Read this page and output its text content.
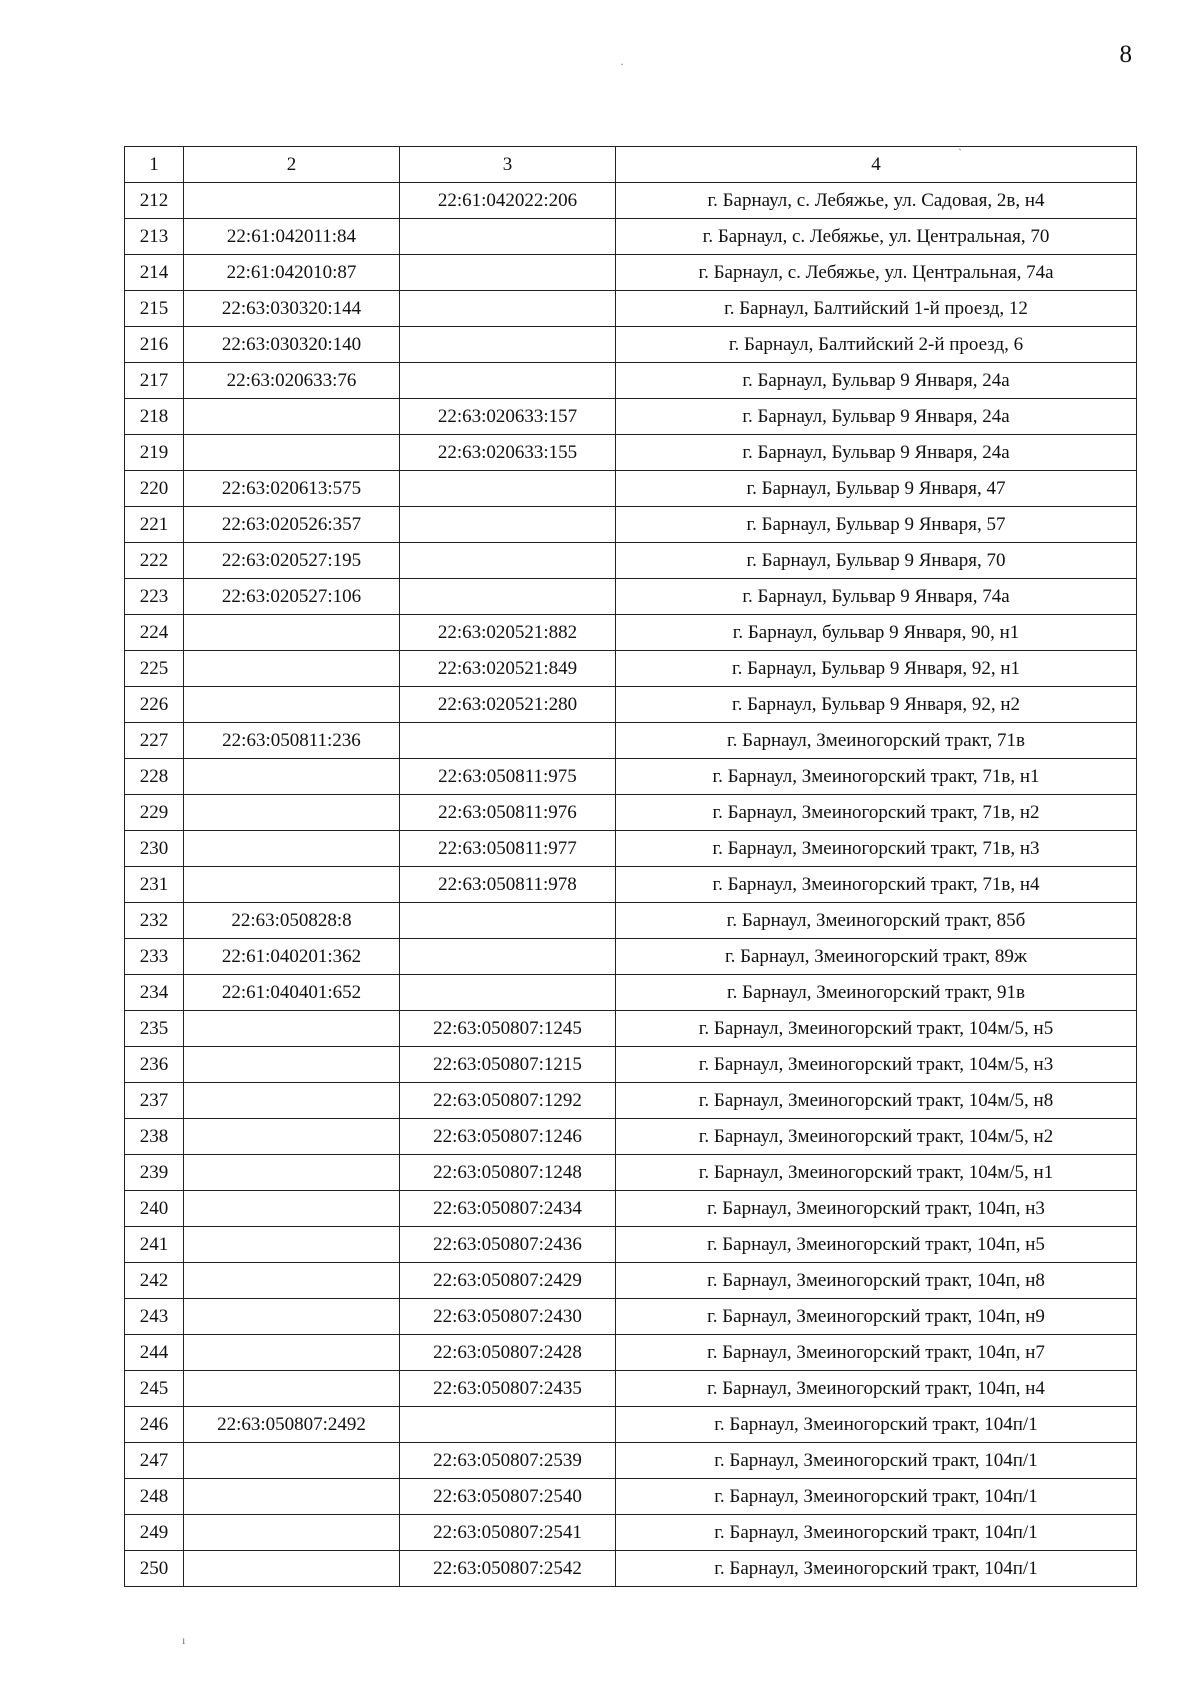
8
·
ˏ
ı
1	2	3	4
212		22:61:042022:206	г. Барнаул, с. Лебяжье, ул. Садовая, 2в, н4
213	22:61:042011:84		г. Барнаул, с. Лебяжье, ул. Центральная, 70
214	22:61:042010:87		г. Барнаул, с. Лебяжье, ул. Центральная, 74а
215	22:63:030320:144		г. Барнаул, Балтийский 1-й проезд, 12
216	22:63:030320:140		г. Барнаул, Балтийский 2-й проезд, 6
217	22:63:020633:76		г. Барнаул, Бульвар 9 Января, 24а
218		22:63:020633:157	г. Барнаул, Бульвар 9 Января, 24а
219		22:63:020633:155	г. Барнаул, Бульвар 9 Января, 24а
220	22:63:020613:575		г. Барнаул, Бульвар 9 Января, 47
221	22:63:020526:357		г. Барнаул, Бульвар 9 Января, 57
222	22:63:020527:195		г. Барнаул, Бульвар 9 Января, 70
223	22:63:020527:106		г. Барнаул, Бульвар 9 Января, 74а
224		22:63:020521:882	г. Барнаул, бульвар 9 Января, 90, н1
225		22:63:020521:849	г. Барнаул, Бульвар 9 Января, 92, н1
226		22:63:020521:280	г. Барнаул, Бульвар 9 Января, 92, н2
227	22:63:050811:236		г. Барнаул, Змеиногорский тракт, 71в
228		22:63:050811:975	г. Барнаул, Змеиногорский тракт, 71в, н1
229		22:63:050811:976	г. Барнаул, Змеиногорский тракт, 71в, н2
230		22:63:050811:977	г. Барнаул, Змеиногорский тракт, 71в, н3
231		22:63:050811:978	г. Барнаул, Змеиногорский тракт, 71в, н4
232	22:63:050828:8		г. Барнаул, Змеиногорский тракт, 85б
233	22:61:040201:362		г. Барнаул, Змеиногорский тракт, 89ж
234	22:61:040401:652		г. Барнаул, Змеиногорский тракт, 91в
235		22:63:050807:1245	г. Барнаул, Змеиногорский тракт, 104м/5, н5
236		22:63:050807:1215	г. Барнаул, Змеиногорский тракт, 104м/5, н3
237		22:63:050807:1292	г. Барнаул, Змеиногорский тракт, 104м/5, н8
238		22:63:050807:1246	г. Барнаул, Змеиногорский тракт, 104м/5, н2
239		22:63:050807:1248	г. Барнаул, Змеиногорский тракт, 104м/5, н1
240		22:63:050807:2434	г. Барнаул, Змеиногорский тракт, 104п, н3
241		22:63:050807:2436	г. Барнаул, Змеиногорский тракт, 104п, н5
242		22:63:050807:2429	г. Барнаул, Змеиногорский тракт, 104п, н8
243		22:63:050807:2430	г. Барнаул, Змеиногорский тракт, 104п, н9
244		22:63:050807:2428	г. Барнаул, Змеиногорский тракт, 104п, н7
245		22:63:050807:2435	г. Барнаул, Змеиногорский тракт, 104п, н4
246	22:63:050807:2492		г. Барнаул, Змеиногорский тракт, 104п/1
247		22:63:050807:2539	г. Барнаул, Змеиногорский тракт, 104п/1
248		22:63:050807:2540	г. Барнаул, Змеиногорский тракт, 104п/1
249		22:63:050807:2541	г. Барнаул, Змеиногорский тракт, 104п/1
250		22:63:050807:2542	г. Барнаул, Змеиногорский тракт, 104п/1
